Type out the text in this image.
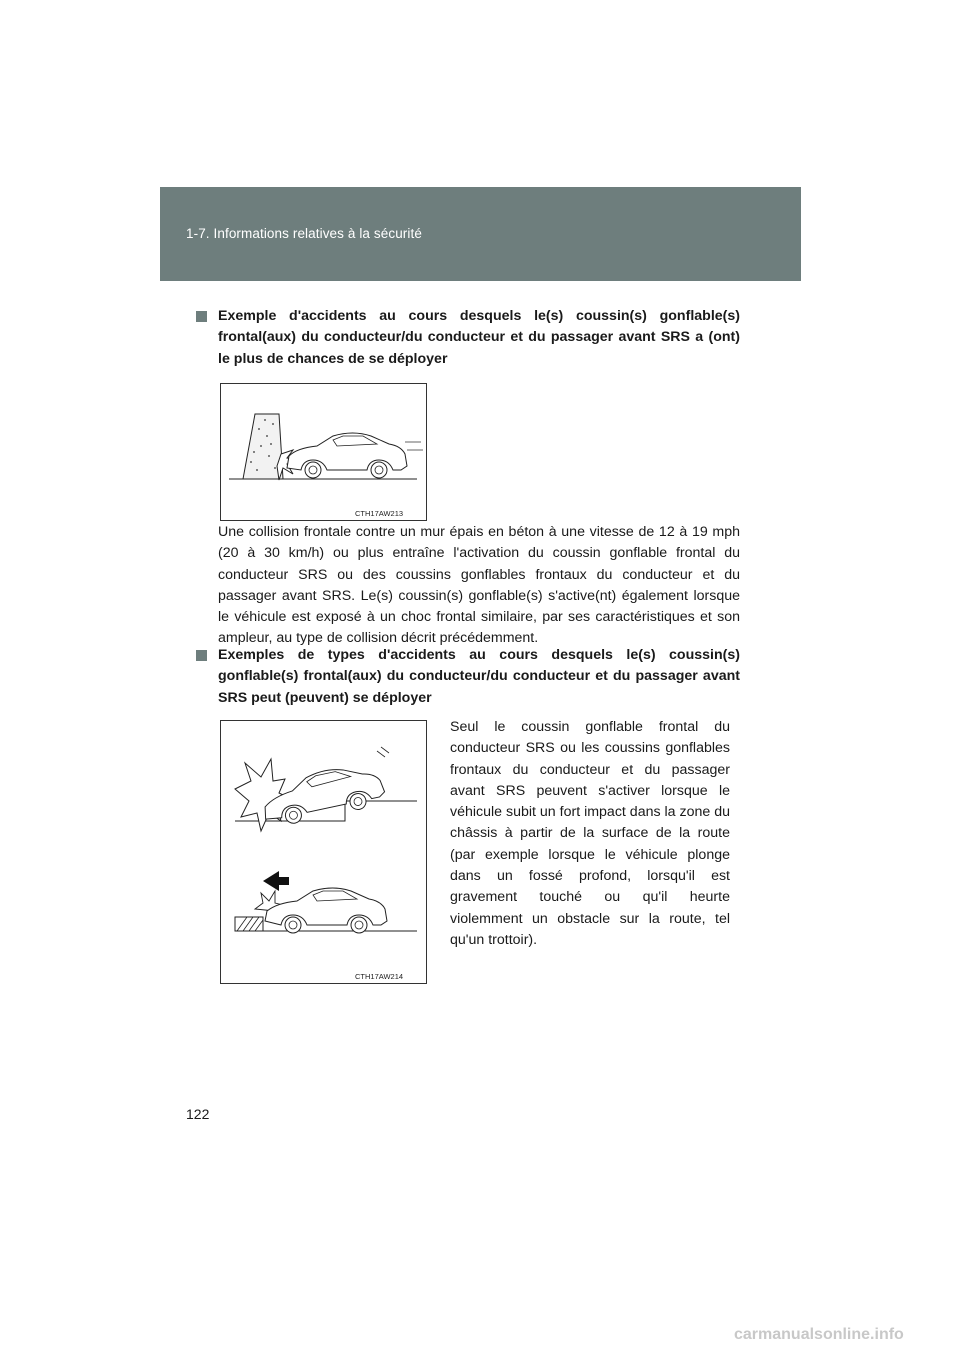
1-7. Informations relatives à la sécurité
Exemple d'accidents au cours desquels le(s) coussin(s) gonflable(s) frontal(aux) du conducteur/du conducteur et du passager avant SRS a (ont) le plus de chances de se déployer
CTH17AW213

Une collision frontale contre un mur épais en béton à une vitesse de 12 à 19 mph (20 à 30 km/h) ou plus entraîne l'activation du coussin gonflable frontal du conducteur SRS ou des coussins gonflables frontaux du conducteur et du passager avant SRS. Le(s) coussin(s) gonflable(s) s'active(nt) également lorsque le véhicule est exposé à un choc frontal similaire, par ses caractéristiques et son ampleur, au type de collision décrit précédemment.

Exemples de types d'accidents au cours desquels le(s) coussin(s) gonflable(s) frontal(aux) du conducteur/du conducteur et du passager avant SRS peut (peuvent) se déployer
CTH17AW214

Seul le coussin gonflable frontal du conducteur SRS ou les coussins gonflables frontaux du conducteur et du passager avant SRS peuvent s'activer lorsque le véhicule subit un fort impact dans la zone du châssis à partir de la surface de la route (par exemple lorsque le véhicule plonge dans un fossé profond, lorsqu'il est gravement touché ou qu'il heurte violemment un obstacle sur la route, tel qu'un trottoir).

122
carmanualsonline.info
